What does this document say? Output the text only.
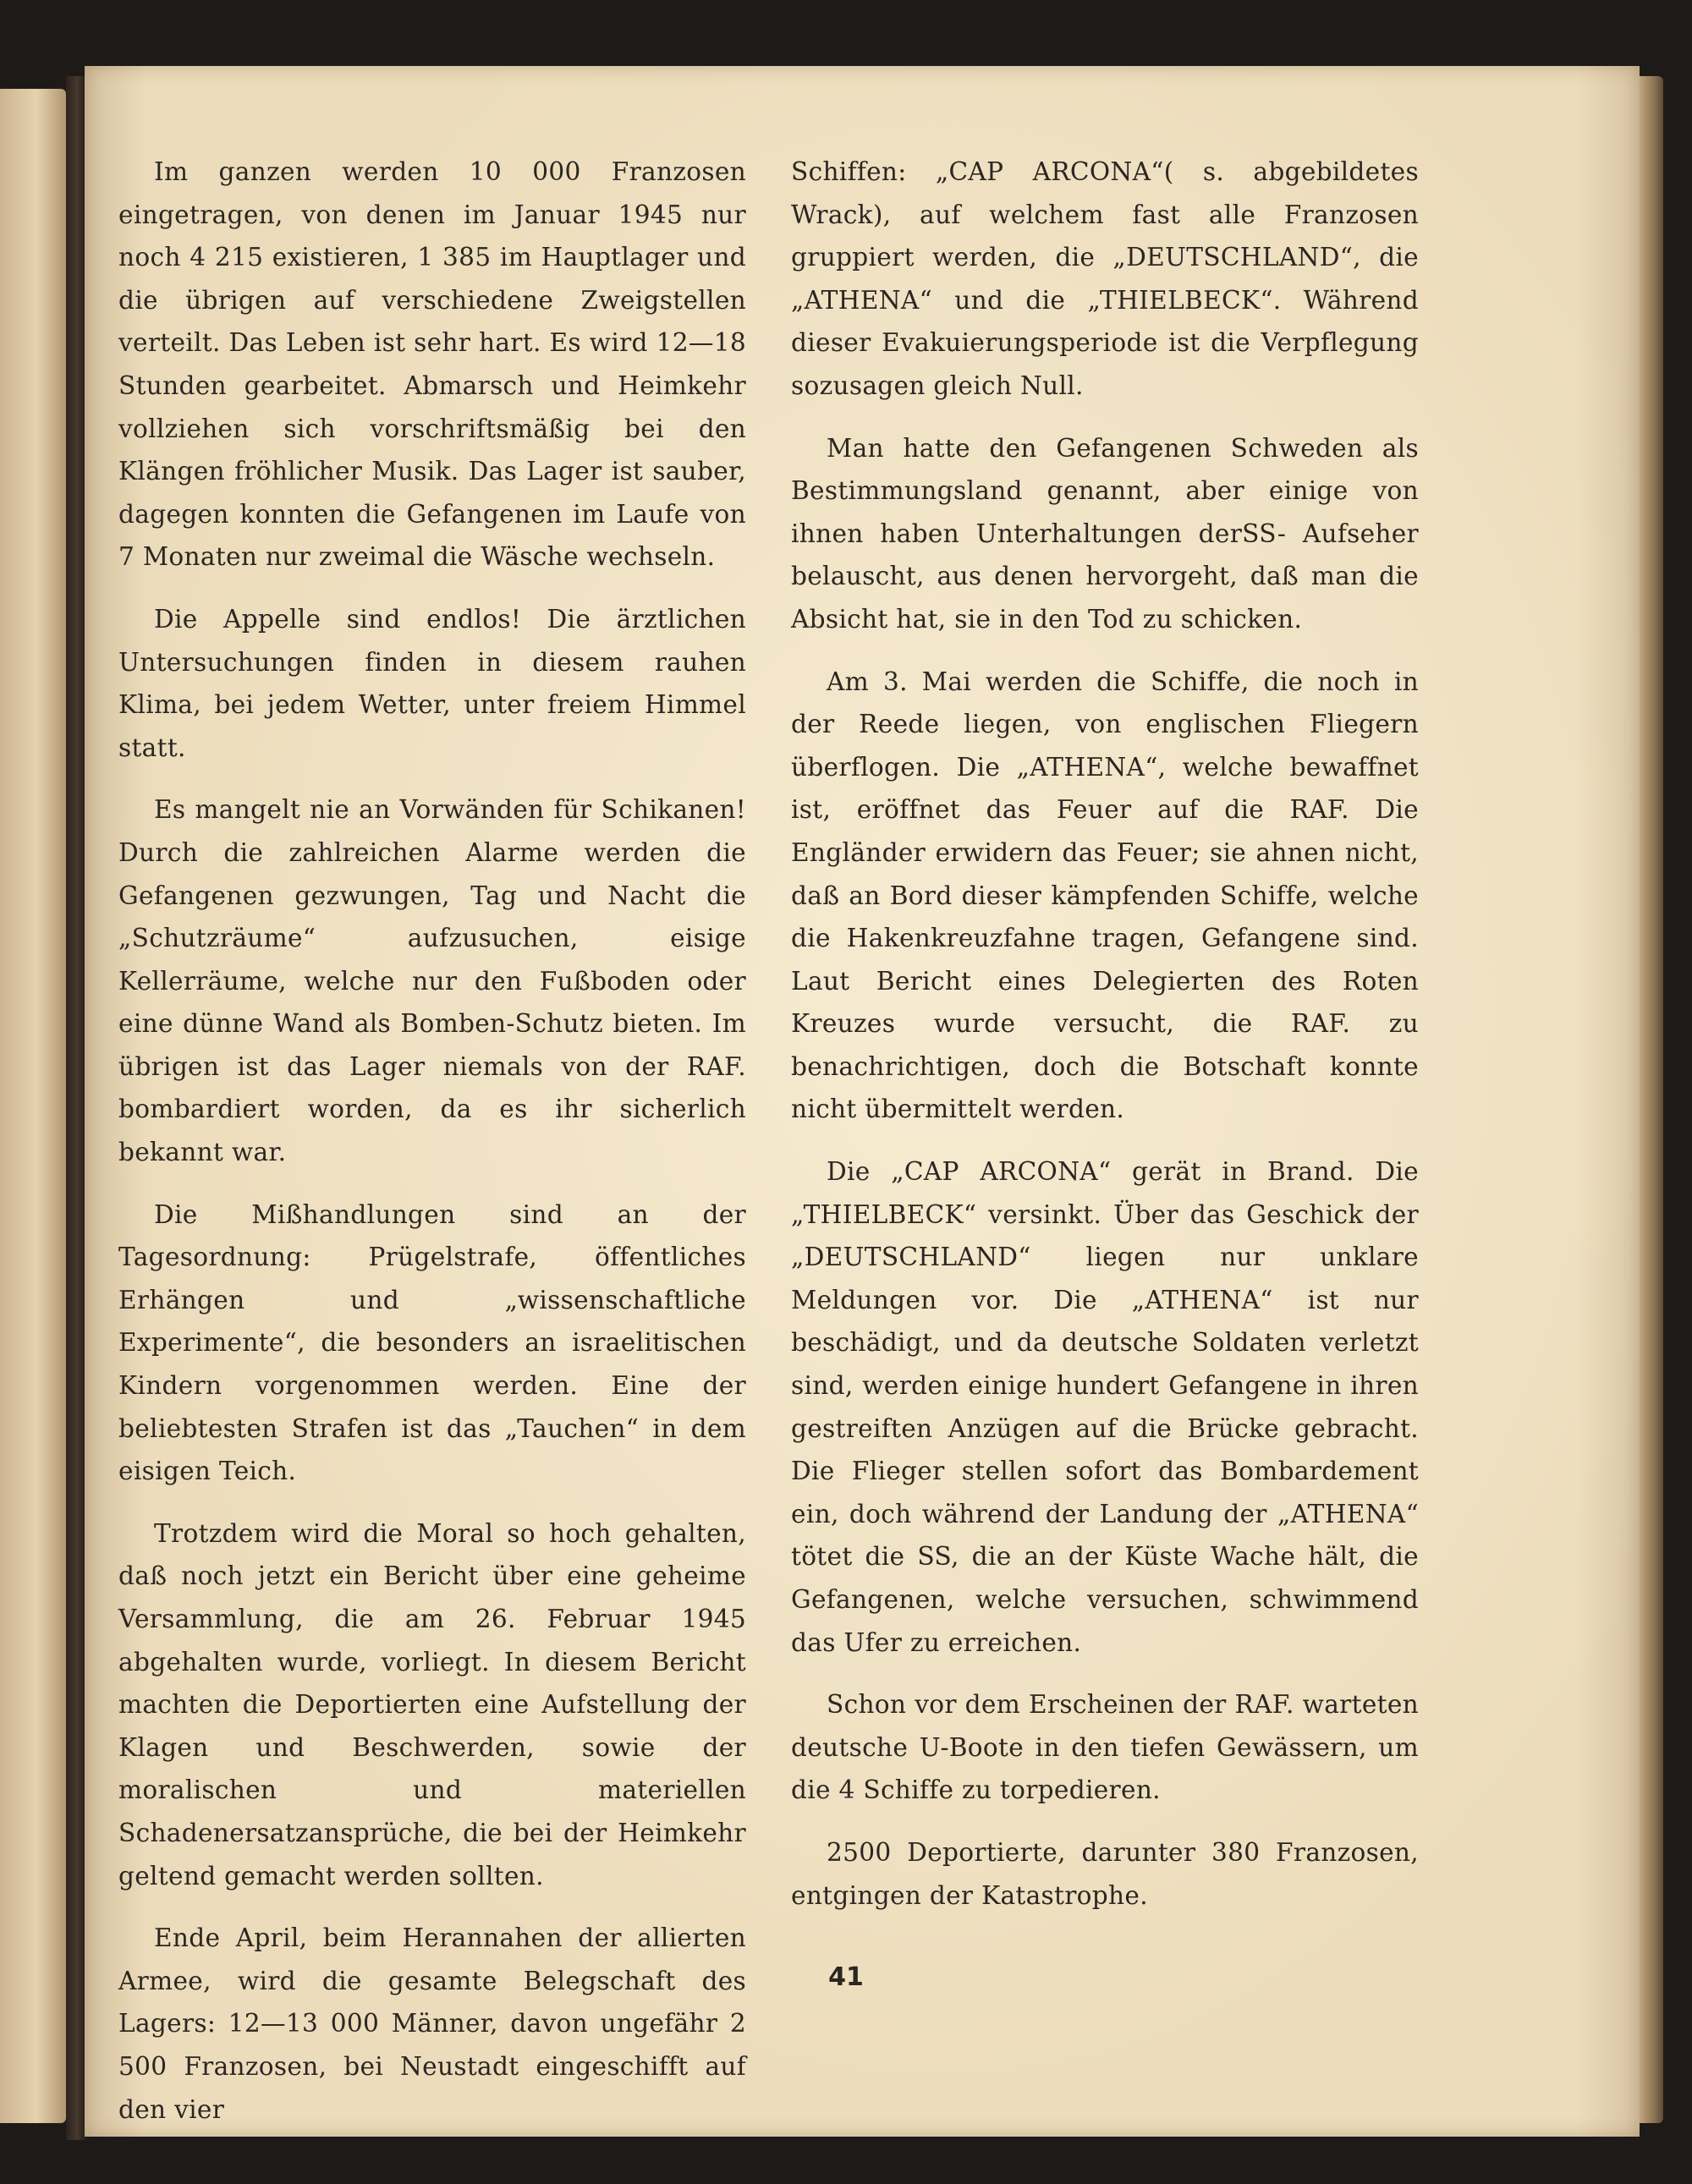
Im ganzen werden 10 000 Franzosen eingetragen, von denen im Januar 1945 nur noch 4 215 existieren, 1 385 im Hauptlager und die übrigen auf verschiedene Zweigstellen verteilt. Das Leben ist sehr hart. Es wird 12—18 Stunden gearbeitet. Abmarsch und Heimkehr vollziehen sich vorschriftsmäßig bei den Klängen fröhlicher Musik. Das Lager ist sauber, dagegen konnten die Gefangenen im Laufe von 7 Monaten nur zweimal die Wäsche wechseln.

Die Appelle sind endlos! Die ärztlichen Untersuchungen finden in diesem rauhen Klima, bei jedem Wetter, unter freiem Himmel statt.

Es mangelt nie an Vorwänden für Schikanen! Durch die zahlreichen Alarme werden die Gefangenen gezwungen, Tag und Nacht die „Schutzräume“ aufzusuchen, eisige Kellerräume, welche nur den Fußboden oder eine dünne Wand als Bomben-Schutz bieten. Im übrigen ist das Lager niemals von der RAF. bombardiert worden, da es ihr sicherlich bekannt war.

Die Mißhandlungen sind an der Tagesordnung: Prügelstrafe, öffentliches Erhängen und „wissenschaftliche Experimente“, die besonders an israelitischen Kindern vorgenommen werden. Eine der beliebtesten Strafen ist das „Tauchen“ in dem eisigen Teich.

Trotzdem wird die Moral so hoch gehalten, daß noch jetzt ein Bericht über eine geheime Versammlung, die am 26. Februar 1945 abgehalten wurde, vorliegt. In diesem Bericht machten die Deportierten eine Aufstellung der Klagen und Beschwerden, sowie der moralischen und materiellen Schadenersatzansprüche, die bei der Heimkehr geltend gemacht werden sollten.

Ende April, beim Herannahen der allierten Armee, wird die gesamte Belegschaft des Lagers: 12—13 000 Männer, davon ungefähr 2 500 Franzosen, bei Neustadt eingeschifft auf den vier

Schiffen: „CAP ARCONA“( s. abgebildetes Wrack), auf welchem fast alle Franzosen gruppiert werden, die „DEUTSCHLAND“, die „ATHENA“ und die „THIELBECK“. Während dieser Evakuierungsperiode ist die Verpflegung sozusagen gleich Null.

Man hatte den Gefangenen Schweden als Bestimmungsland genannt, aber einige von ihnen haben Unterhaltungen derSS- Aufseher belauscht, aus denen hervorgeht, daß man die Absicht hat, sie in den Tod zu schicken.

Am 3. Mai werden die Schiffe, die noch in der Reede liegen, von englischen Fliegern überflogen. Die „ATHENA“, welche bewaffnet ist, eröffnet das Feuer auf die RAF. Die Engländer erwidern das Feuer; sie ahnen nicht, daß an Bord dieser kämpfenden Schiffe, welche die Hakenkreuzfahne tragen, Gefangene sind. Laut Bericht eines Delegierten des Roten Kreuzes wurde versucht, die RAF. zu benachrichtigen, doch die Botschaft konnte nicht übermittelt werden.

Die „CAP ARCONA“ gerät in Brand. Die „THIELBECK“ versinkt. Über das Geschick der „DEUTSCHLAND“ liegen nur unklare Meldungen vor. Die „ATHENA“ ist nur beschädigt, und da deutsche Soldaten verletzt sind, werden einige hundert Gefangene in ihren gestreiften Anzügen auf die Brücke gebracht. Die Flieger stellen sofort das Bombardement ein, doch während der Landung der „ATHENA“ tötet die SS, die an der Küste Wache hält, die Gefangenen, welche versuchen, schwimmend das Ufer zu erreichen.

Schon vor dem Erscheinen der RAF. warteten deutsche U-Boote in den tiefen Gewässern, um die 4 Schiffe zu torpedieren.

2500 Deportierte, darunter 380 Franzosen, entgingen der Katastrophe.

41
